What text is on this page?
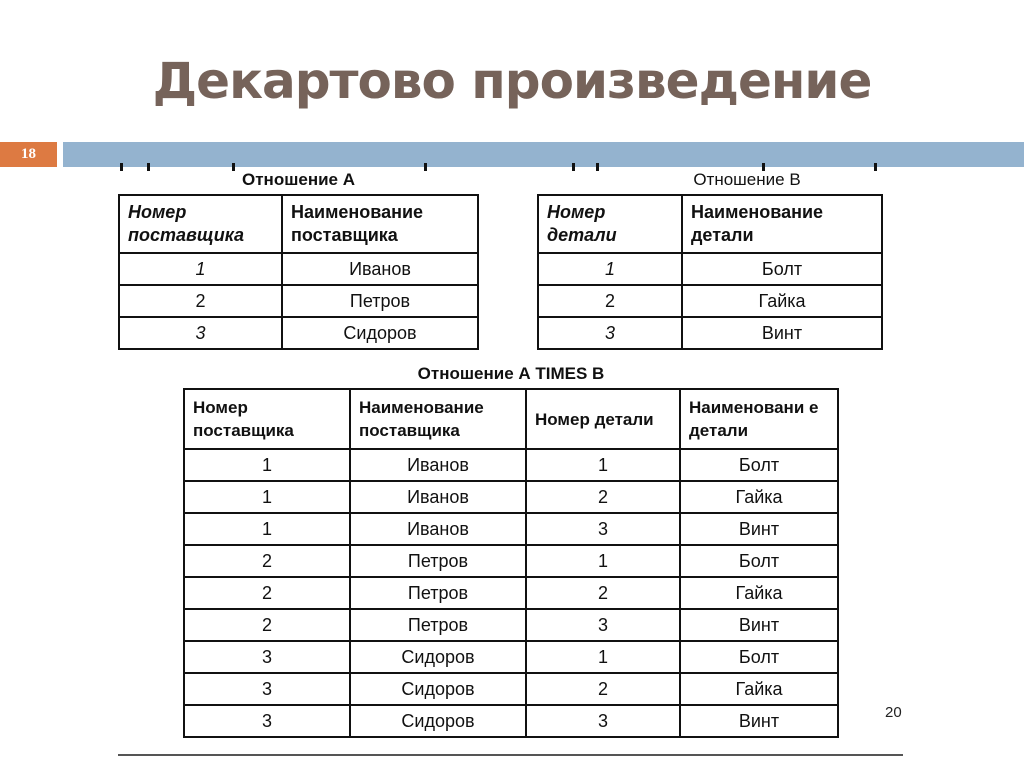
Декартово произведение
18
Отношение А
Номер поставщика	Наименование поставщика
1	Иванов
2	Петров
3	Сидоров
Отношение В
Номер детали	Наименование детали
1	Болт
2	Гайка
3	Винт
Отношение А TIMES В
Номер поставщика	Наименование поставщика	Номер детали	Наименовани е детали
1	Иванов	1	Болт
1	Иванов	2	Гайка
1	Иванов	3	Винт
2	Петров	1	Болт
2	Петров	2	Гайка
2	Петров	3	Винт
3	Сидоров	1	Болт
3	Сидоров	2	Гайка
3	Сидоров	3	Винт	20
